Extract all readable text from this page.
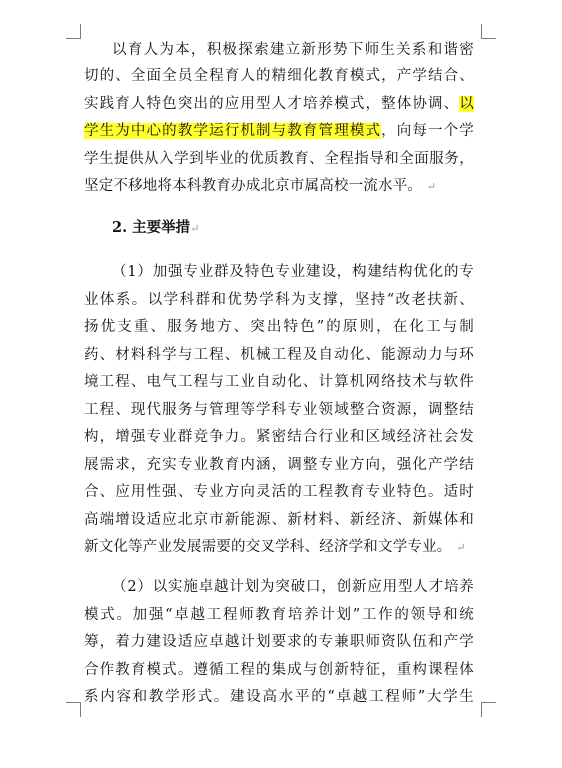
以育人为本，积极探索建立新形势下师生关系和谐密
切的、全面全员全程育人的精细化教育模式，产学结合、
实践育人特色突出的应用型人才培养模式，整体协调、以
学生为中心的教学运行机制与教育管理模式，向每一个学
学生提供从入学到毕业的优质教育、全程指导和全面服务，
坚定不移地将本科教育办成北京市属高校一流水平。 ↵
2. 主要举措↵
（1）加强专业群及特色专业建设，构建结构优化的专
业体系。以学科群和优势学科为支撑，坚持“改老扶新、
扬优支重、服务地方、突出特色”的原则，在化工与制
药、材料科学与工程、机械工程及自动化、能源动力与环
境工程、电气工程与工业自动化、计算机网络技术与软件
工程、现代服务与管理等学科专业领域整合资源，调整结
构，增强专业群竞争力。紧密结合行业和区域经济社会发
展需求，充实专业教育内涵，调整专业方向，强化产学结
合、应用性强、专业方向灵活的工程教育专业特色。适时
高端增设适应北京市新能源、新材料、新经济、新媒体和
新文化等产业发展需要的交叉学科、经济学和文学专业。 ↵
（2）以实施卓越计划为突破口，创新应用型人才培养
模式。加强“卓越工程师教育培养计划”工作的领导和统
筹，着力建设适应卓越计划要求的专兼职师资队伍和产学
合作教育模式。遵循工程的集成与创新特征，重构课程体
系内容和教学形式。建设高水平的“卓越工程师”大学生
